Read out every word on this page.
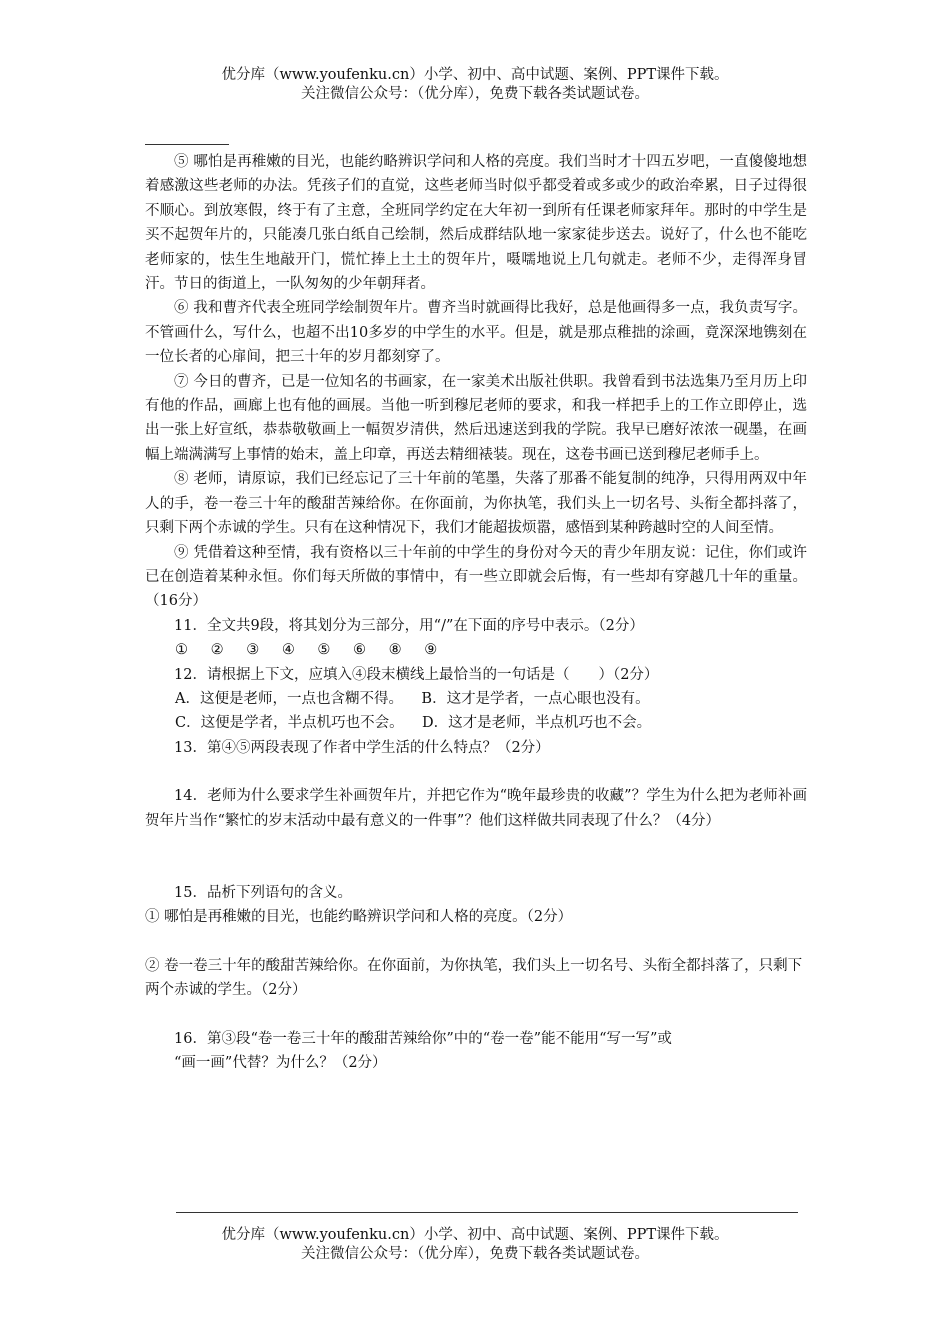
优分库（www.youfenku.cn）小学、初中、高中试题、案例、PPT课件下载。
关注微信公众号：（优分库），免费下载各类试题试卷。

⑤ 哪怕是再稚嫩的目光，也能约略辨识学问和人格的亮度。我们当时才十四五岁吧，一直傻傻地想着感激这些老师的办法。凭孩子们的直觉，这些老师当时似乎都受着或多或少的政治牵累，日子过得很不顺心。到放寒假，终于有了主意，全班同学约定在大年初一到所有任课老师家拜年。那时的中学生是买不起贺年片的，只能凑几张白纸自己绘制，然后成群结队地一家家徒步送去。说好了，什么也不能吃老师家的，怯生生地敲开门，慌忙捧上土土的贺年片，嗫嚅地说上几句就走。老师不少，走得浑身冒汗。节日的街道上，一队匆匆的少年朝拜者。

⑥ 我和曹齐代表全班同学绘制贺年片。曹齐当时就画得比我好，总是他画得多一点，我负责写字。不管画什么，写什么，也超不出10多岁的中学生的水平。但是，就是那点稚拙的涂画，竟深深地镌刻在一位长者的心扉间，把三十年的岁月都刻穿了。

⑦ 今日的曹齐，已是一位知名的书画家，在一家美术出版社供职。我曾看到书法选集乃至月历上印有他的作品，画廊上也有他的画展。当他一听到穆尼老师的要求，和我一样把手上的工作立即停止，选出一张上好宣纸，恭恭敬敬画上一幅贺岁清供，然后迅速送到我的学院。我早已磨好浓浓一砚墨，在画幅上端满满写上事情的始末，盖上印章，再送去精细裱装。现在，这卷书画已送到穆尼老师手上。

⑧ 老师，请原谅，我们已经忘记了三十年前的笔墨，失落了那番不能复制的纯净，只得用两双中年人的手，卷一卷三十年的酸甜苦辣给你。在你面前，为你执笔，我们头上一切名号、头衔全都抖落了，只剩下两个赤诚的学生。只有在这种情况下，我们才能超拔烦嚣，感悟到某种跨越时空的人间至情。

⑨ 凭借着这种至情，我有资格以三十年前的中学生的身份对今天的青少年朋友说：记住，你们或许已在创造着某种永恒。你们每天所做的事情中，有一些立即就会后悔，有一些却有穿越几十年的重量。（16分）

11．全文共9段，将其划分为三部分，用“/”在下面的序号中表示。（2分）

① ② ③ ④ ⑤ ⑥ ⑧ ⑨

12．请根据上下文，应填入④段末横线上最恰当的一句话是（　　）（2分）

A．这便是老师，一点也含糊不得。 B．这才是学者，一点心眼也没有。

C．这便是学者，半点机巧也不会。 D．这才是老师，半点机巧也不会。

13．第④⑤两段表现了作者中学生活的什么特点？（2分）

14．老师为什么要求学生补画贺年片，并把它作为“晚年最珍贵的收藏”？学生为什么把为老师补画贺年片当作“繁忙的岁末活动中最有意义的一件事”？他们这样做共同表现了什么？（4分）

15．品析下列语句的含义。

① 哪怕是再稚嫩的目光，也能约略辨识学问和人格的亮度。（2分）

② 卷一卷三十年的酸甜苦辣给你。在你面前，为你执笔，我们头上一切名号、头衔全都抖落了，只剩下两个赤诚的学生。（2分）

16．第③段“卷一卷三十年的酸甜苦辣给你”中的“卷一卷”能不能用“写一写”或

“画一画”代替？为什么？（2分）

优分库（www.youfenku.cn）小学、初中、高中试题、案例、PPT课件下载。
关注微信公众号：（优分库），免费下载各类试题试卷。
